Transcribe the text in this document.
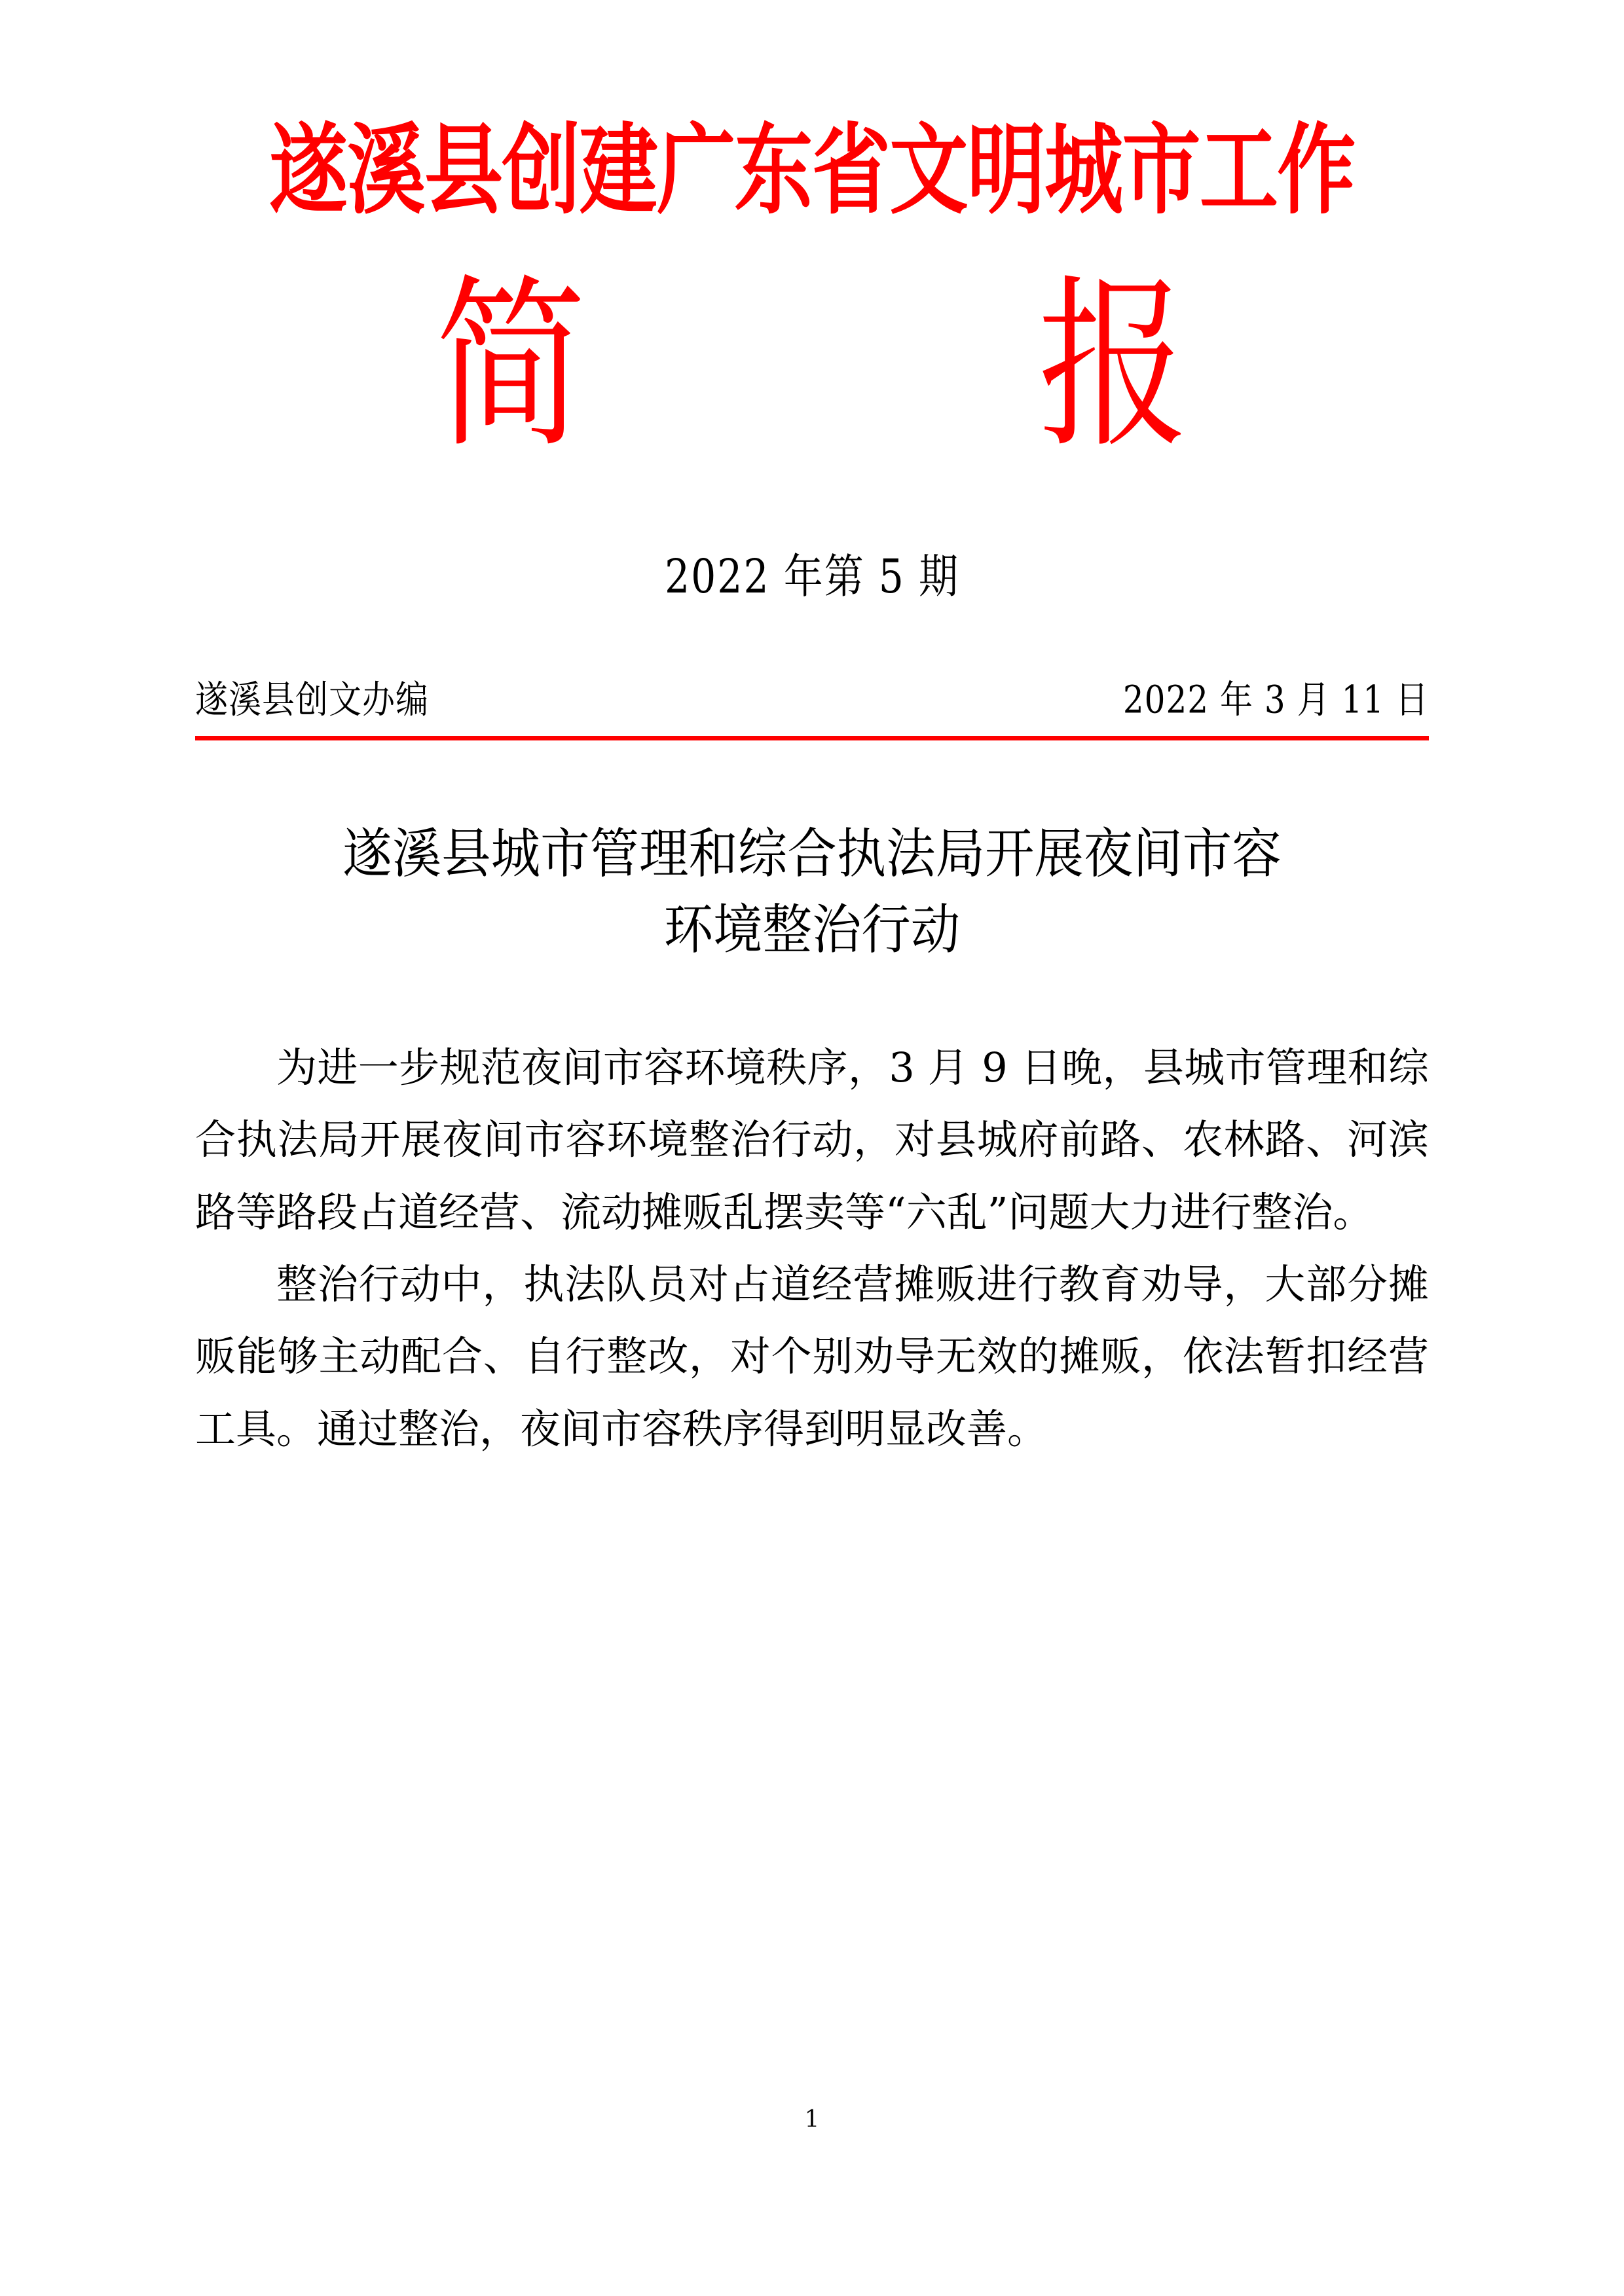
遂溪县创建广东省文明城市工作
简　　　报
2022 年第 5 期
遂溪县创文办编	2022 年 3 月 11 日
遂溪县城市管理和综合执法局开展夜间市容
环境整治行动

为进一步规范夜间市容环境秩序，3 月 9 日晚，县城市管理和综合执法局开展夜间市容环境整治行动，对县城府前路、农林路、河滨路等路段占道经营、流动摊贩乱摆卖等“六乱”问题大力进行整治。

整治行动中，执法队员对占道经营摊贩进行教育劝导，大部分摊贩能够主动配合、自行整改，对个别劝导无效的摊贩，依法暂扣经营工具。通过整治，夜间市容秩序得到明显改善。

1
